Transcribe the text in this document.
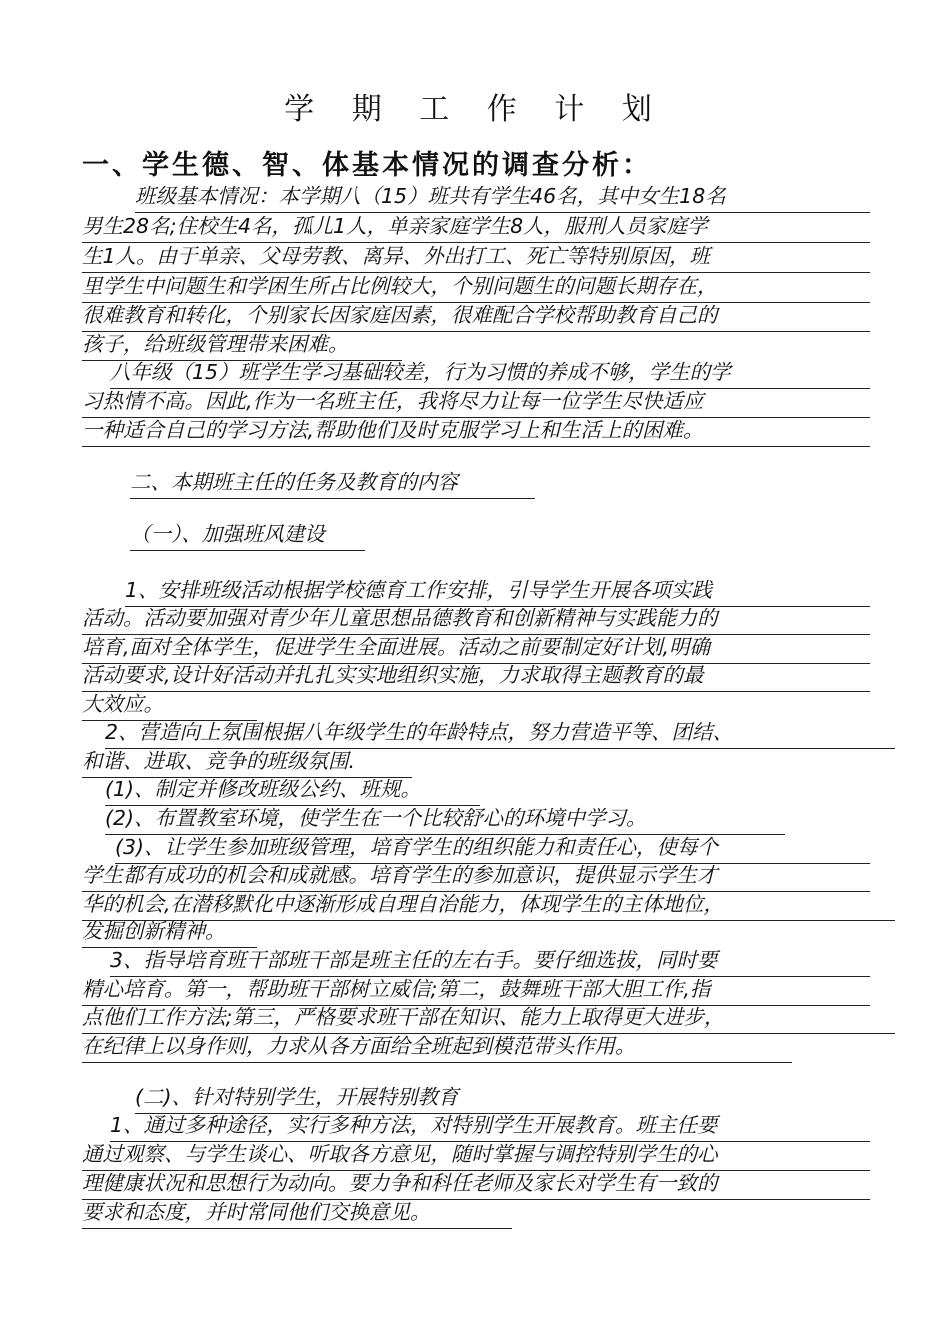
学 期 工 作 计 划
一、学生德、智、体基本情况的调查分析：
班级基本情况：本学期八（15）班共有学生46名，其中女生18名
男生28名;住校生4名，孤儿1人，单亲家庭学生8人，服刑人员家庭学
生1人。由于单亲、父母劳教、离异、外出打工、死亡等特别原因，班
里学生中问题生和学困生所占比例较大，个别问题生的问题长期存在，
很难教育和转化，个别家长因家庭因素，很难配合学校帮助教育自己的
孩子，给班级管理带来困难。
八年级（15）班学生学习基础较差，行为习惯的养成不够，学生的学
习热情不高。因此,作为一名班主任，我将尽力让每一位学生尽快适应
一种适合自己的学习方法,帮助他们及时克服学习上和生活上的困难。
二、本期班主任的任务及教育的内容
（一）、加强班风建设
1、安排班级活动根据学校德育工作安排，引导学生开展各项实践
活动。活动要加强对青少年儿童思想品德教育和创新精神与实践能力的
培育,面对全体学生，促进学生全面进展。活动之前要制定好计划,明确
活动要求,设计好活动并扎扎实实地组织实施，力求取得主题教育的最
大效应。
2、营造向上氛围根据八年级学生的年龄特点，努力营造平等、团结、
和谐、进取、竞争的班级氛围.
(1)、制定并修改班级公约、班规。
(2)、布置教室环境，使学生在一个比较舒心的环境中学习。
(3)、让学生参加班级管理，培育学生的组织能力和责任心，使每个
学生都有成功的机会和成就感。培育学生的参加意识，提供显示学生才
华的机会,在潜移默化中逐渐形成自理自治能力，体现学生的主体地位，
发掘创新精神。
3、指导培育班干部班干部是班主任的左右手。要仔细选拔，同时要
精心培育。第一，帮助班干部树立威信;第二，鼓舞班干部大胆工作,指
点他们工作方法;第三，严格要求班干部在知识、能力上取得更大进步，
在纪律上以身作则，力求从各方面给全班起到模范带头作用。
(二)、针对特别学生，开展特别教育
1、通过多种途径，实行多种方法，对特别学生开展教育。班主任要
通过观察、与学生谈心、听取各方意见，随时掌握与调控特别学生的心
理健康状况和思想行为动向。要力争和科任老师及家长对学生有一致的
要求和态度，并时常同他们交换意见。
